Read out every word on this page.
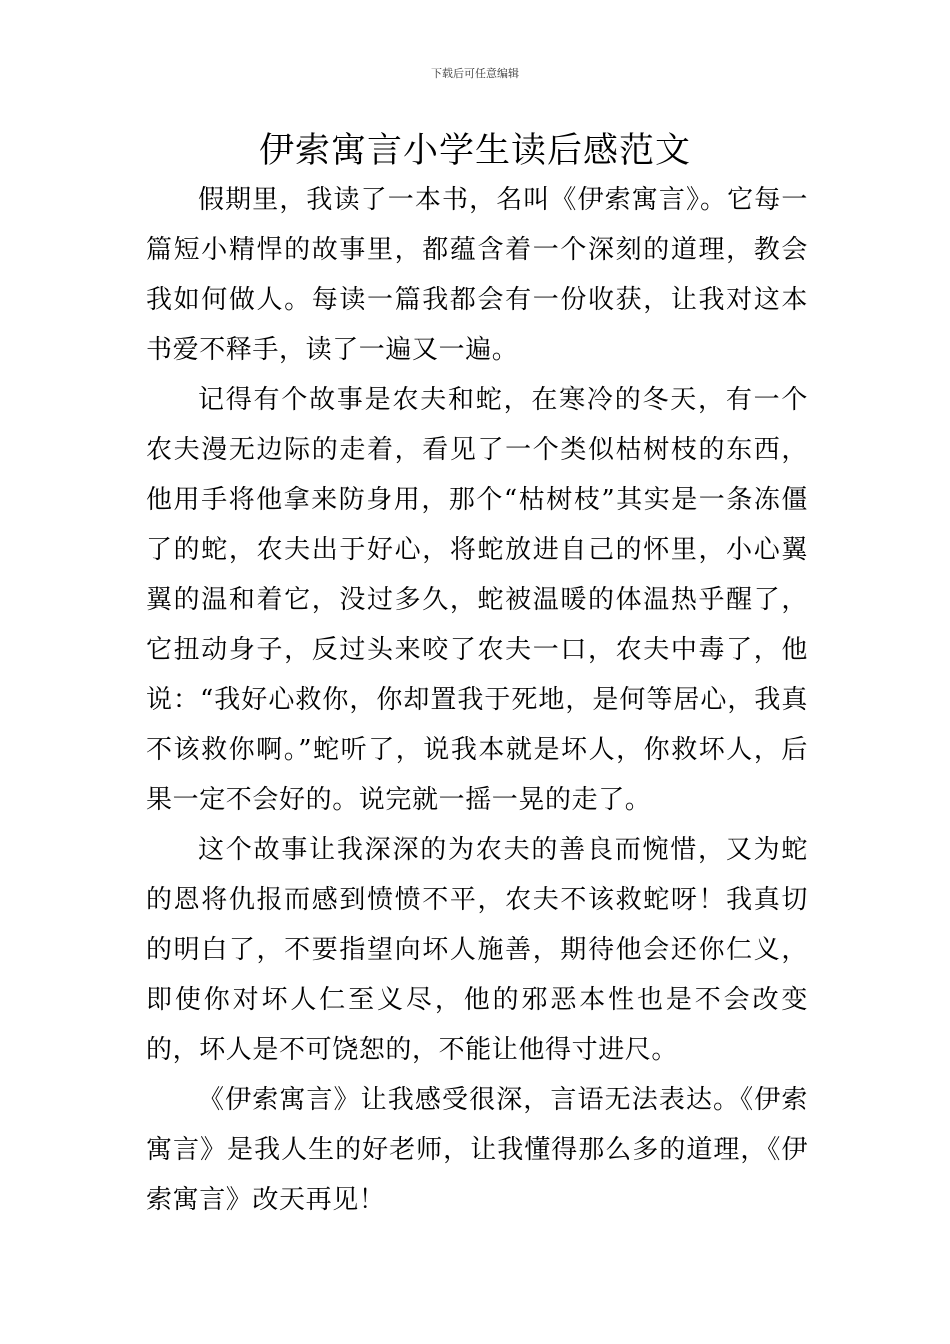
下载后可任意编辑
伊索寓言小学生读后感范文

假期里，我读了一本书，名叫《伊索寓言》。它每一篇短小精悍的故事里，都蕴含着一个深刻的道理，教会我如何做人。每读一篇我都会有一份收获，让我对这本书爱不释手，读了一遍又一遍。

记得有个故事是农夫和蛇，在寒冷的冬天，有一个农夫漫无边际的走着，看见了一个类似枯树枝的东西，他用手将他拿来防身用，那个“枯树枝”其实是一条冻僵了的蛇，农夫出于好心，将蛇放进自己的怀里，小心翼翼的温和着它，没过多久，蛇被温暖的体温热乎醒了，它扭动身子，反过头来咬了农夫一口，农夫中毒了，他说：“我好心救你，你却置我于死地，是何等居心，我真不该救你啊。”蛇听了，说我本就是坏人，你救坏人，后果一定不会好的。说完就一摇一晃的走了。

这个故事让我深深的为农夫的善良而惋惜，又为蛇的恩将仇报而感到愤愤不平，农夫不该救蛇呀！我真切的明白了，不要指望向坏人施善，期待他会还你仁义，即使你对坏人仁至义尽，他的邪恶本性也是不会改变的，坏人是不可饶恕的，不能让他得寸进尺。

《伊索寓言》让我感受很深，言语无法表达。《伊索寓言》是我人生的好老师，让我懂得那么多的道理，《伊索寓言》改天再见！
